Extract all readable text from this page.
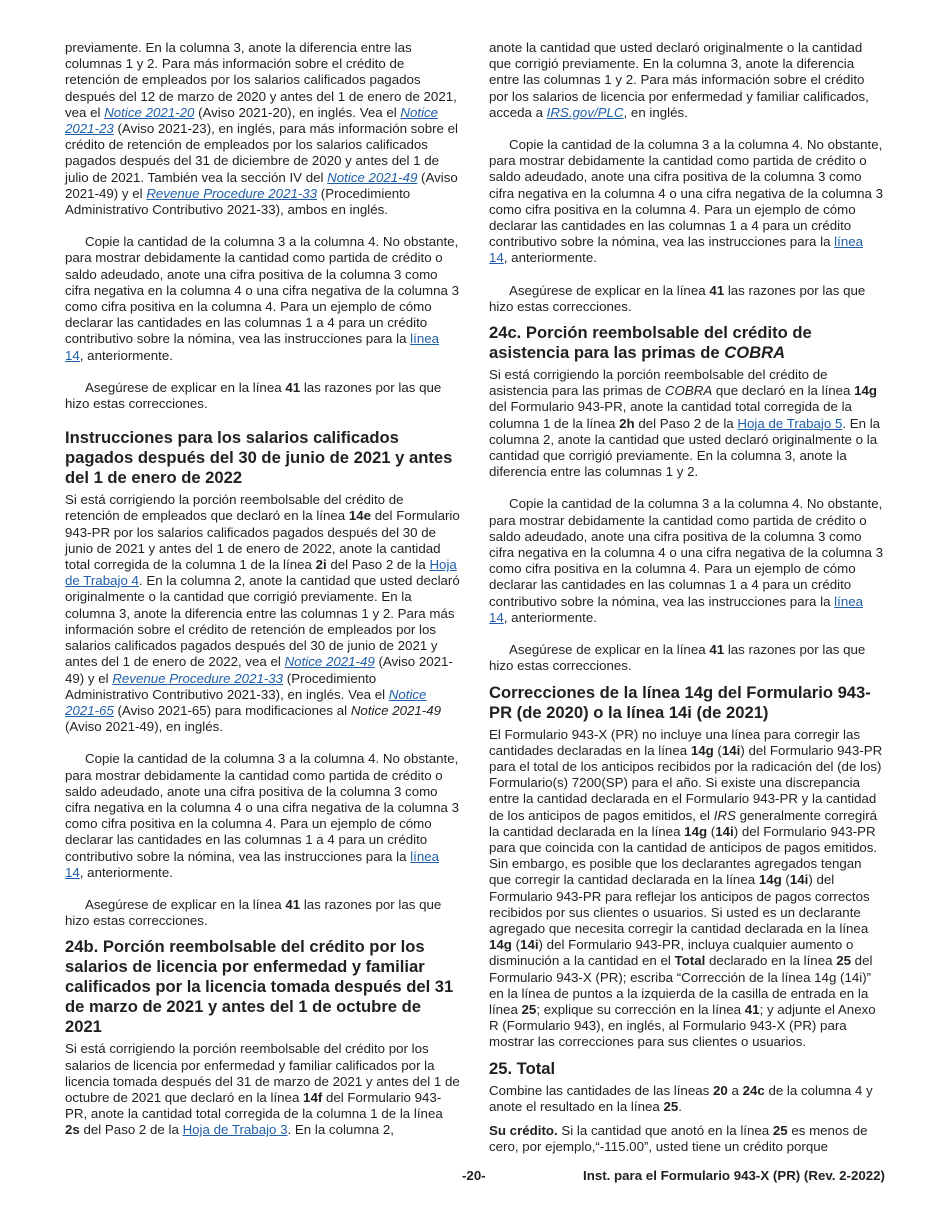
previamente. En la columna 3, anote la diferencia entre las columnas 1 y 2. Para más información sobre el crédito de retención de empleados por los salarios calificados pagados después del 12 de marzo de 2020 y antes del 1 de enero de 2021, vea el Notice 2021-20 (Aviso 2021-20), en inglés. Vea el Notice 2021-23 (Aviso 2021-23), en inglés, para más información sobre el crédito de retención de empleados por los salarios calificados pagados después del 31 de diciembre de 2020 y antes del 1 de julio de 2021. También vea la sección IV del Notice 2021-49 (Aviso 2021-49) y el Revenue Procedure 2021-33 (Procedimiento Administrativo Contributivo 2021-33), ambos en inglés.
Copie la cantidad de la columna 3 a la columna 4. No obstante, para mostrar debidamente la cantidad como partida de crédito o saldo adeudado, anote una cifra positiva de la columna 3 como cifra negativa en la columna 4 o una cifra negativa de la columna 3 como cifra positiva en la columna 4. Para un ejemplo de cómo declarar las cantidades en las columnas 1 a 4 para un crédito contributivo sobre la nómina, vea las instrucciones para la línea 14, anteriormente.
Asegúrese de explicar en la línea 41 las razones por las que hizo estas correcciones.
Instrucciones para los salarios calificados pagados después del 30 de junio de 2021 y antes del 1 de enero de 2022
Si está corrigiendo la porción reembolsable del crédito de retención de empleados que declaró en la línea 14e del Formulario 943-PR por los salarios calificados pagados después del 30 de junio de 2021 y antes del 1 de enero de 2022, anote la cantidad total corregida de la columna 1 de la línea 2i del Paso 2 de la Hoja de Trabajo 4. En la columna 2, anote la cantidad que usted declaró originalmente o la cantidad que corrigió previamente. En la columna 3, anote la diferencia entre las columnas 1 y 2. Para más información sobre el crédito de retención de empleados por los salarios calificados pagados después del 30 de junio de 2021 y antes del 1 de enero de 2022, vea el Notice 2021-49 (Aviso 2021-49) y el Revenue Procedure 2021-33 (Procedimiento Administrativo Contributivo 2021-33), en inglés. Vea el Notice 2021-65 (Aviso 2021-65) para modificaciones al Notice 2021-49 (Aviso 2021-49), en inglés.
Copie la cantidad de la columna 3 a la columna 4. No obstante, para mostrar debidamente la cantidad como partida de crédito o saldo adeudado, anote una cifra positiva de la columna 3 como cifra negativa en la columna 4 o una cifra negativa de la columna 3 como cifra positiva en la columna 4. Para un ejemplo de cómo declarar las cantidades en las columnas 1 a 4 para un crédito contributivo sobre la nómina, vea las instrucciones para la línea 14, anteriormente.
Asegúrese de explicar en la línea 41 las razones por las que hizo estas correcciones.
24b. Porción reembolsable del crédito por los salarios de licencia por enfermedad y familiar calificados por la licencia tomada después del 31 de marzo de 2021 y antes del 1 de octubre de 2021
Si está corrigiendo la porción reembolsable del crédito por los salarios de licencia por enfermedad y familiar calificados por la licencia tomada después del 31 de marzo de 2021 y antes del 1 de octubre de 2021 que declaró en la línea 14f del Formulario 943-PR, anote la cantidad total corregida de la columna 1 de la línea 2s del Paso 2 de la Hoja de Trabajo 3. En la columna 2,
anote la cantidad que usted declaró originalmente o la cantidad que corrigió previamente. En la columna 3, anote la diferencia entre las columnas 1 y 2. Para más información sobre el crédito por los salarios de licencia por enfermedad y familiar calificados, acceda a IRS.gov/PLC, en inglés.
Copie la cantidad de la columna 3 a la columna 4. No obstante, para mostrar debidamente la cantidad como partida de crédito o saldo adeudado, anote una cifra positiva de la columna 3 como cifra negativa en la columna 4 o una cifra negativa de la columna 3 como cifra positiva en la columna 4. Para un ejemplo de cómo declarar las cantidades en las columnas 1 a 4 para un crédito contributivo sobre la nómina, vea las instrucciones para la línea 14, anteriormente.
Asegúrese de explicar en la línea 41 las razones por las que hizo estas correcciones.
24c. Porción reembolsable del crédito de asistencia para las primas de COBRA
Si está corrigiendo la porción reembolsable del crédito de asistencia para las primas de COBRA que declaró en la línea 14g del Formulario 943-PR, anote la cantidad total corregida de la columna 1 de la línea 2h del Paso 2 de la Hoja de Trabajo 5. En la columna 2, anote la cantidad que usted declaró originalmente o la cantidad que corrigió previamente. En la columna 3, anote la diferencia entre las columnas 1 y 2.
Copie la cantidad de la columna 3 a la columna 4. No obstante, para mostrar debidamente la cantidad como partida de crédito o saldo adeudado, anote una cifra positiva de la columna 3 como cifra negativa en la columna 4 o una cifra negativa de la columna 3 como cifra positiva en la columna 4. Para un ejemplo de cómo declarar las cantidades en las columnas 1 a 4 para un crédito contributivo sobre la nómina, vea las instrucciones para la línea 14, anteriormente.
Asegúrese de explicar en la línea 41 las razones por las que hizo estas correcciones.
Correcciones de la línea 14g del Formulario 943-PR (de 2020) o la línea 14i (de 2021)
El Formulario 943-X (PR) no incluye una línea para corregir las cantidades declaradas en la línea 14g (14i) del Formulario 943-PR para el total de los anticipos recibidos por la radicación del (de los) Formulario(s) 7200(SP) para el año. Si existe una discrepancia entre la cantidad declarada en el Formulario 943-PR y la cantidad de los anticipos de pagos emitidos, el IRS generalmente corregirá la cantidad declarada en la línea 14g (14i) del Formulario 943-PR para que coincida con la cantidad de anticipos de pagos emitidos. Sin embargo, es posible que los declarantes agregados tengan que corregir la cantidad declarada en la línea 14g (14i) del Formulario 943-PR para reflejar los anticipos de pagos correctos recibidos por sus clientes o usuarios. Si usted es un declarante agregado que necesita corregir la cantidad declarada en la línea 14g (14i) del Formulario 943-PR, incluya cualquier aumento o disminución a la cantidad en el Total declarado en la línea 25 del Formulario 943-X (PR); escriba “Corrección de la línea 14g (14i)” en la línea de puntos a la izquierda de la casilla de entrada en la línea 25; explique su corrección en la línea 41; y adjunte el Anexo R (Formulario 943), en inglés, al Formulario 943-X (PR) para mostrar las correcciones para sus clientes o usuarios.
25. Total
Combine las cantidades de las líneas 20 a 24c de la columna 4 y anote el resultado en la línea 25.
Su crédito. Si la cantidad que anotó en la línea 25 es menos de cero, por ejemplo,“-115.00”, usted tiene un crédito porque
-20-	Inst. para el Formulario 943-X (PR) (Rev. 2-2022)
